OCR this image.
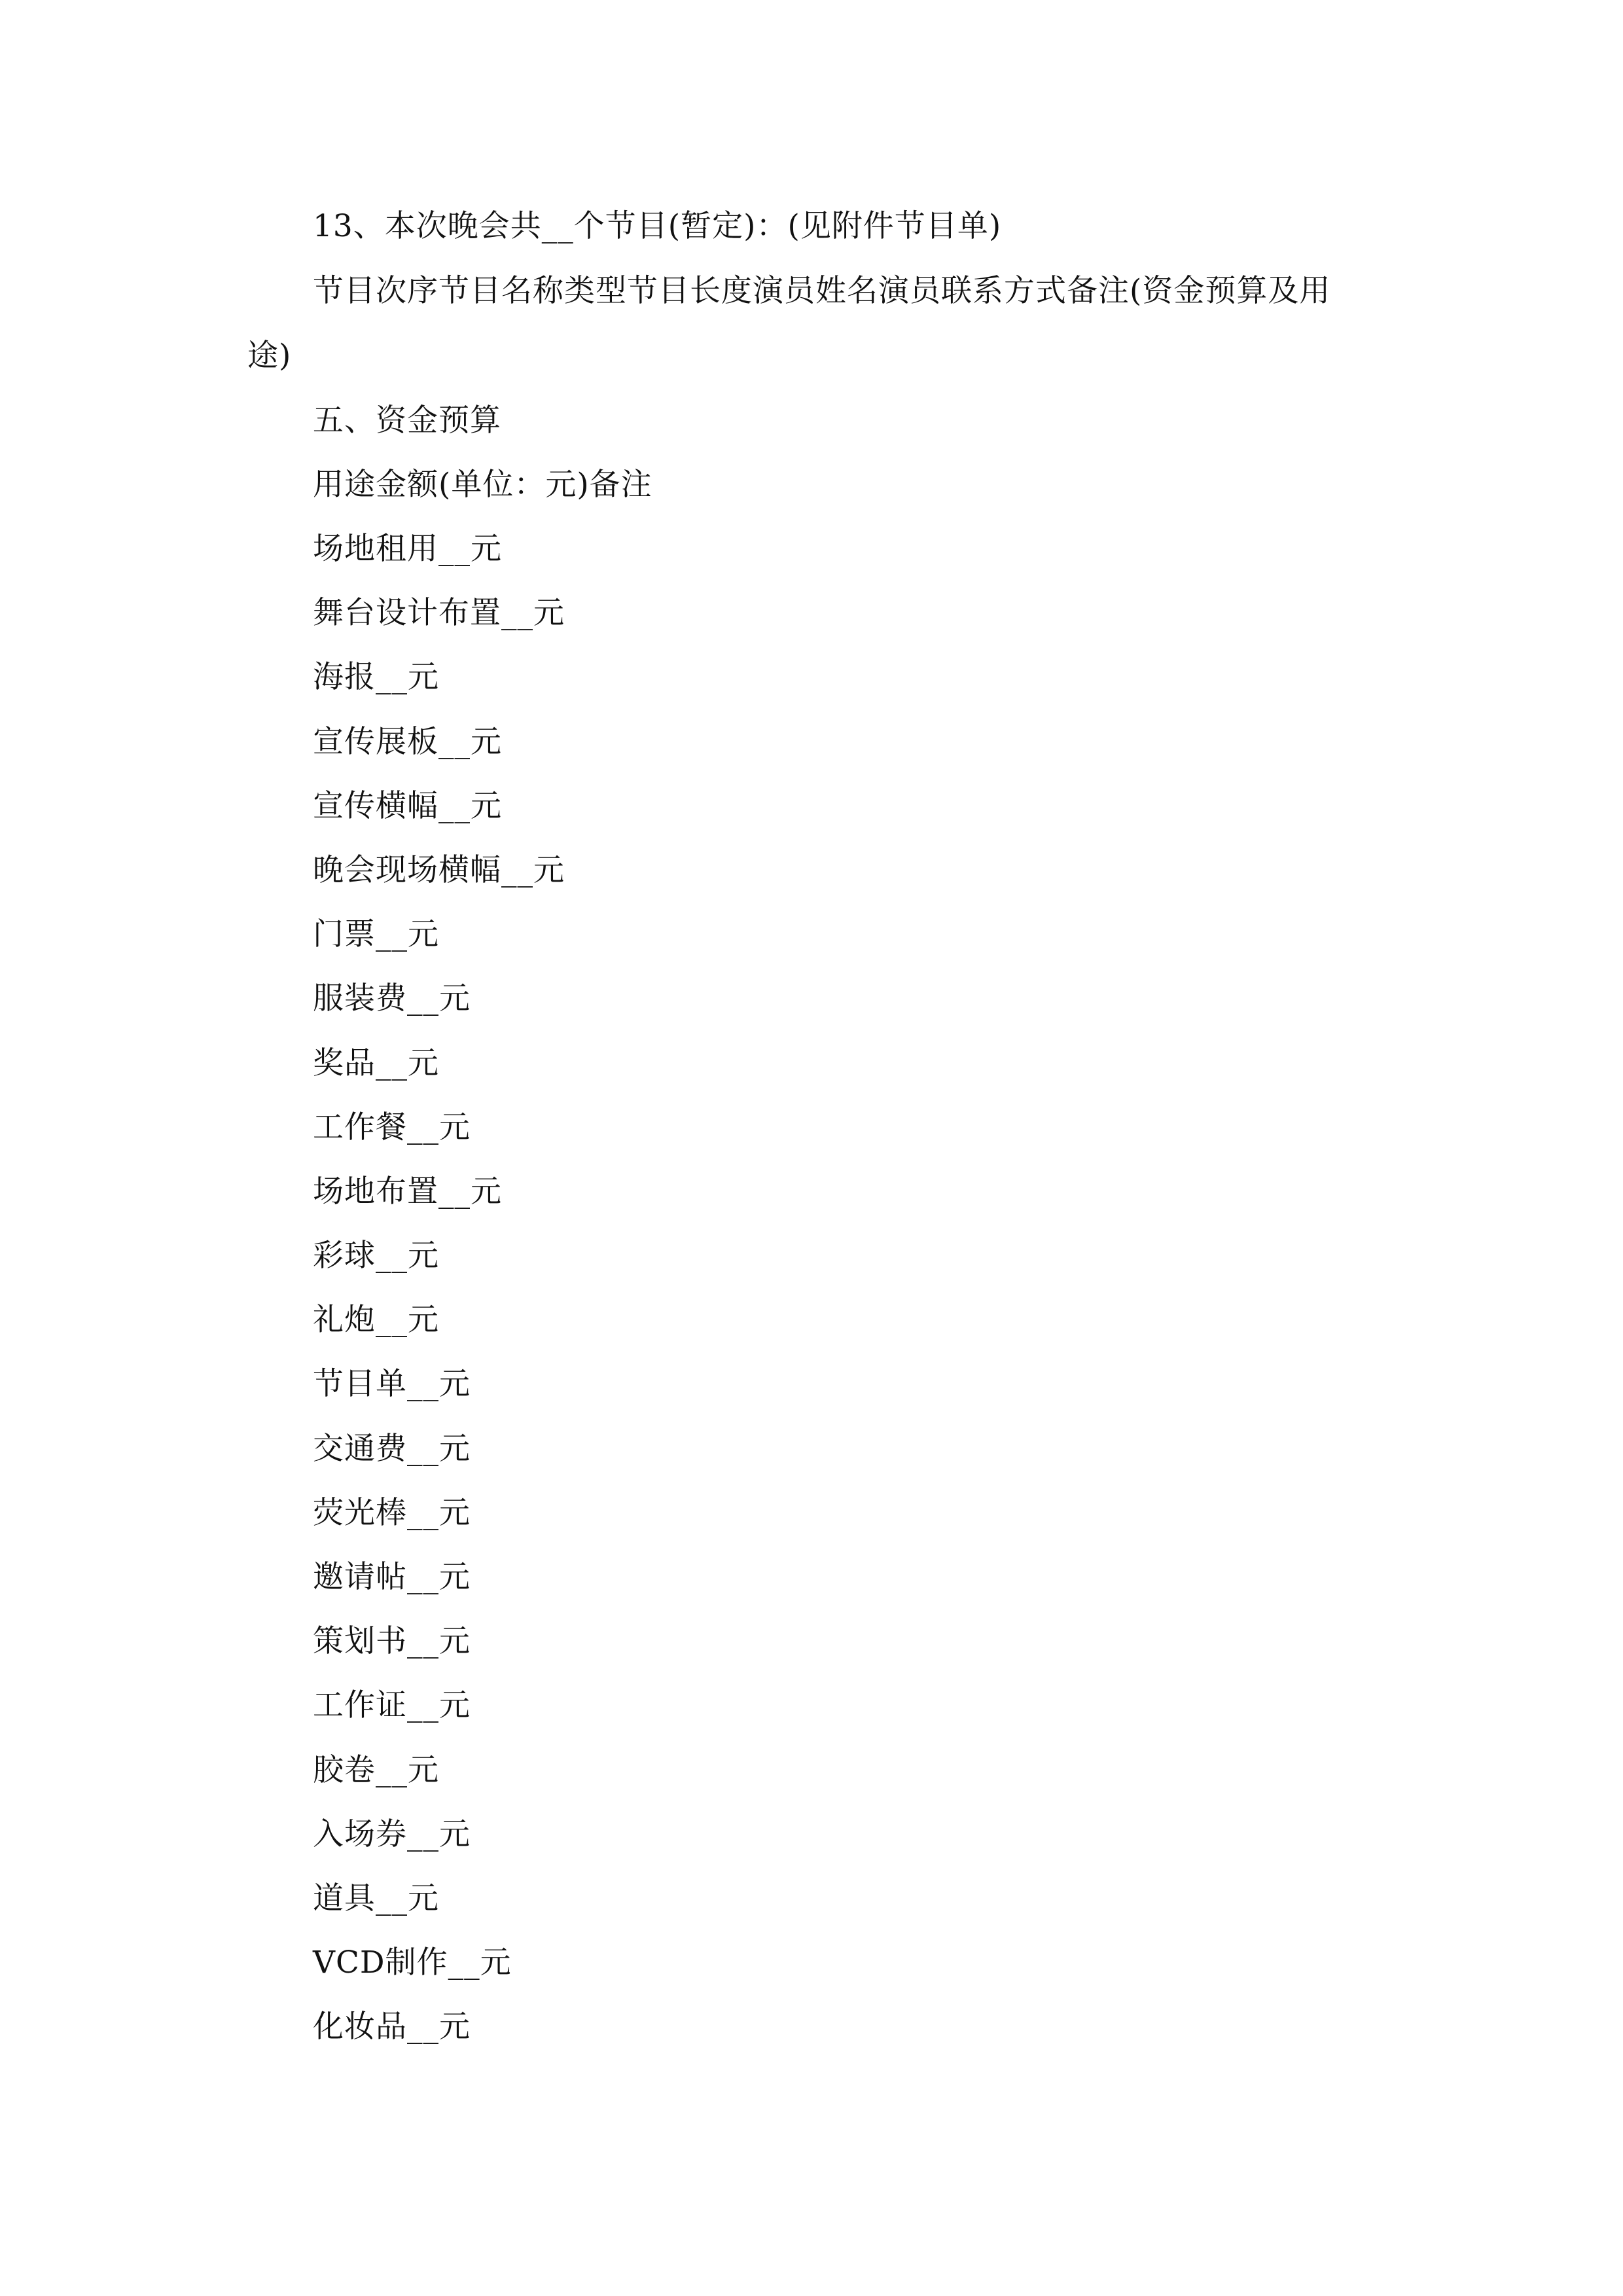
13、本次晚会共__个节目(暂定)：(见附件节目单)
节目次序节目名称类型节目长度演员姓名演员联系方式备注(资金预算及用
途)
五、资金预算
用途金额(单位：元)备注
场地租用__元
舞台设计布置__元
海报__元
宣传展板__元
宣传横幅__元
晚会现场横幅__元
门票__元
服装费__元
奖品__元
工作餐__元
场地布置__元
彩球__元
礼炮__元
节目单__元
交通费__元
荧光棒__元
邀请帖__元
策划书__元
工作证__元
胶卷__元
入场券__元
道具__元
VCD制作__元
化妆品__元
